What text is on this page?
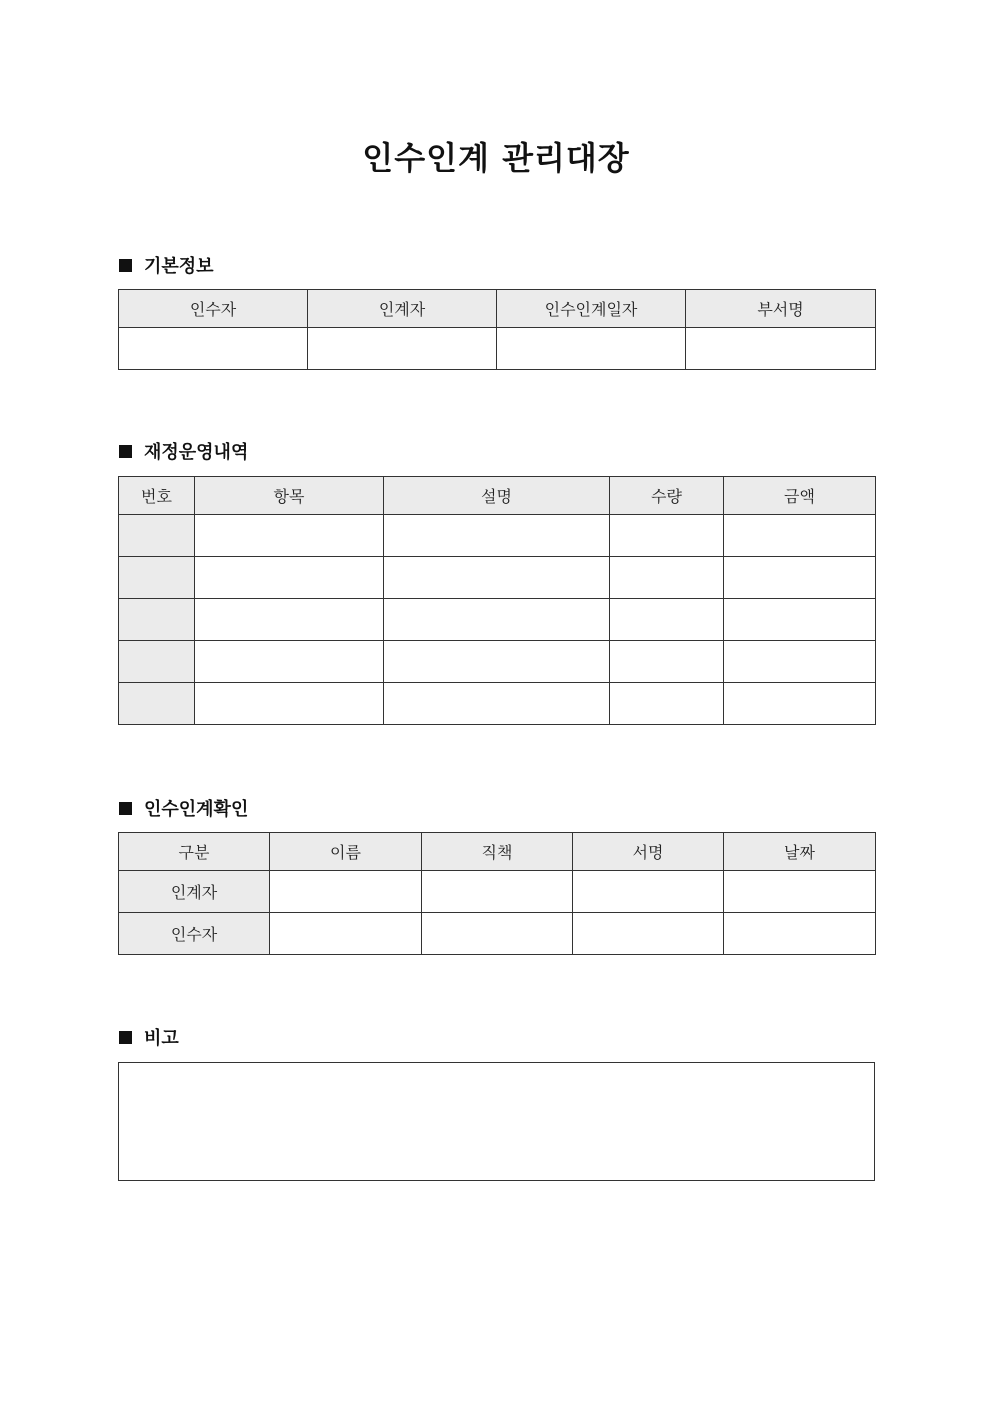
인수인계 관리대장
기본정보
인수자	인계자	인수인계일자	부서명

재정운영내역
번호	항목	설명	수량	금액

인수인계확인
구분	이름	직책	서명	날짜
인계자				
인수자				
비고
